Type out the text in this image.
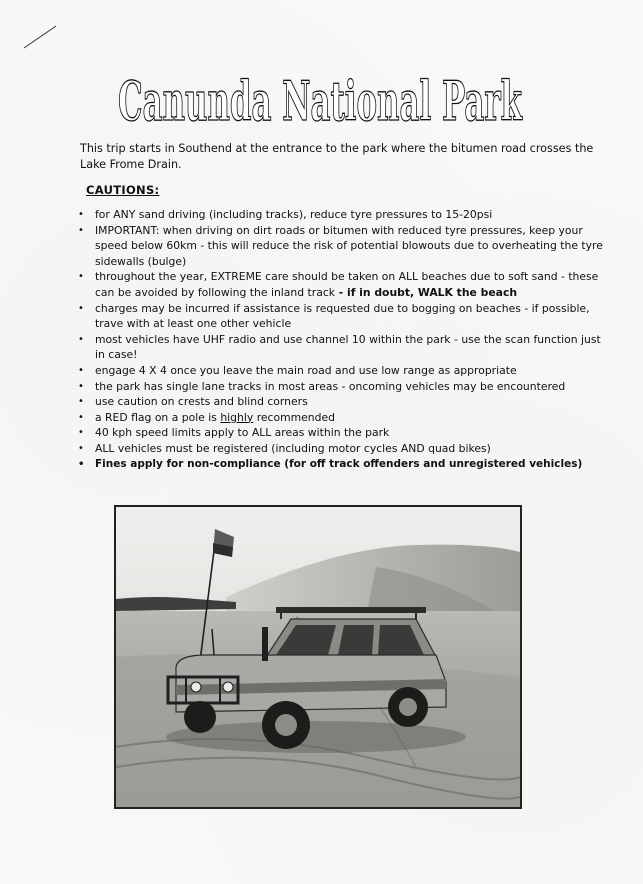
Canunda National Park
This trip starts in Southend at the entrance to the park where the bitumen road crosses the Lake Frome Drain.
CAUTIONS:
• for ANY sand driving (including tracks), reduce tyre pressures to 15-20psi
• IMPORTANT: when driving on dirt roads or bitumen with reduced tyre pressures, keep your speed below 60km - this will reduce the risk of potential blowouts due to overheating the tyre sidewalls (bulge)
• throughout the year, EXTREME care should be taken on ALL beaches due to soft sand - these can be avoided by following the inland track - if in doubt, WALK the beach
• charges may be incurred if assistance is requested due to bogging on beaches - if possible, trave with at least one other vehicle
• most vehicles have UHF radio and use channel 10 within the park - use the scan function just in case!
• engage 4 X 4 once you leave the main road and use low range as appropriate
• the park has single lane tracks in most areas - oncoming vehicles may be encountered
• use caution on crests and blind corners
• a RED flag on a pole is highly recommended
• 40 kph speed limits apply to ALL areas within the park
• ALL vehicles must be registered (including motor cycles AND quad bikes)
• Fines apply for non-compliance (for off track offenders and unregistered vehicles)
